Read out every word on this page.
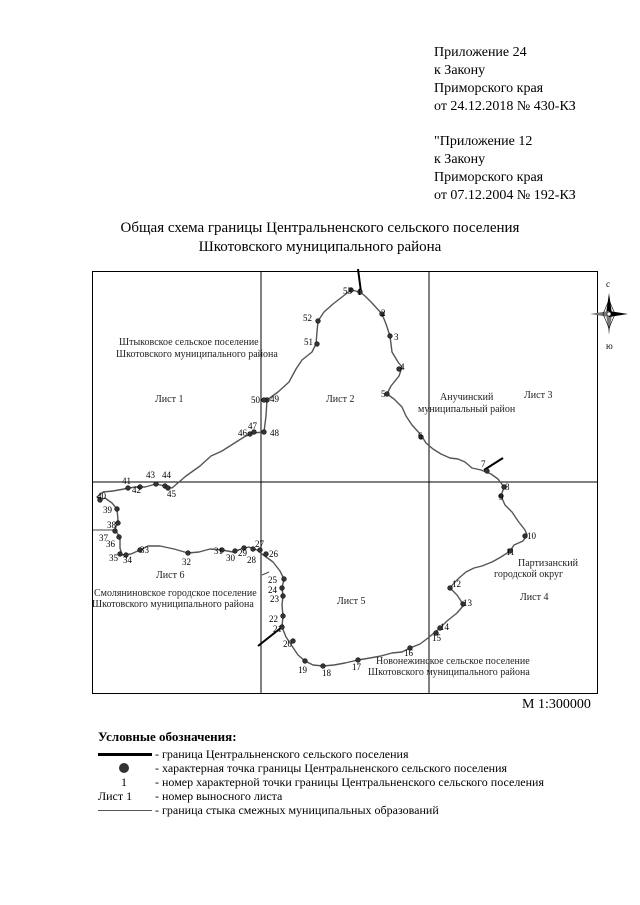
Приложение 24
к Закону
Приморского края
от 24.12.2018 № 430-КЗ
"Приложение 12
к Закону
Приморского края
от 07.12.2004 № 192-КЗ
Общая схема границы Центральненского сельского поселения
Шкотовского муниципального района
1
2
3
4
5
6
7
8
9
10
11
12
13
14
15
16
17
18
19
20
21
22
23
24
25
26
27
28
29
30
31
32
33
34
35
36
37
38
39
40
41
42
43 44
45
46
47
48
49
50
51
52
53
Лист 1	Лист 2	Лист 3
Лист 4
Лист 5
Лист 6
Штыковское сельское поселение
Шкотовского муниципального района
Анучинский
муниципальный район
Партизанский
городской округ
Новонежинское сельское поселение
Шкотовского муниципального района
Смоляниновское городское поселение
Шкотовского муниципального района
с
ю
М 1:300000
Условные обозначения:
- граница Центральненского сельского поселения
- характерная точка границы Центральненского сельского поселения
1 - номер характерной точки границы Центральненского сельского поселения
Лист 1 - номер выносного листа
- граница стыка смежных муниципальных образований
